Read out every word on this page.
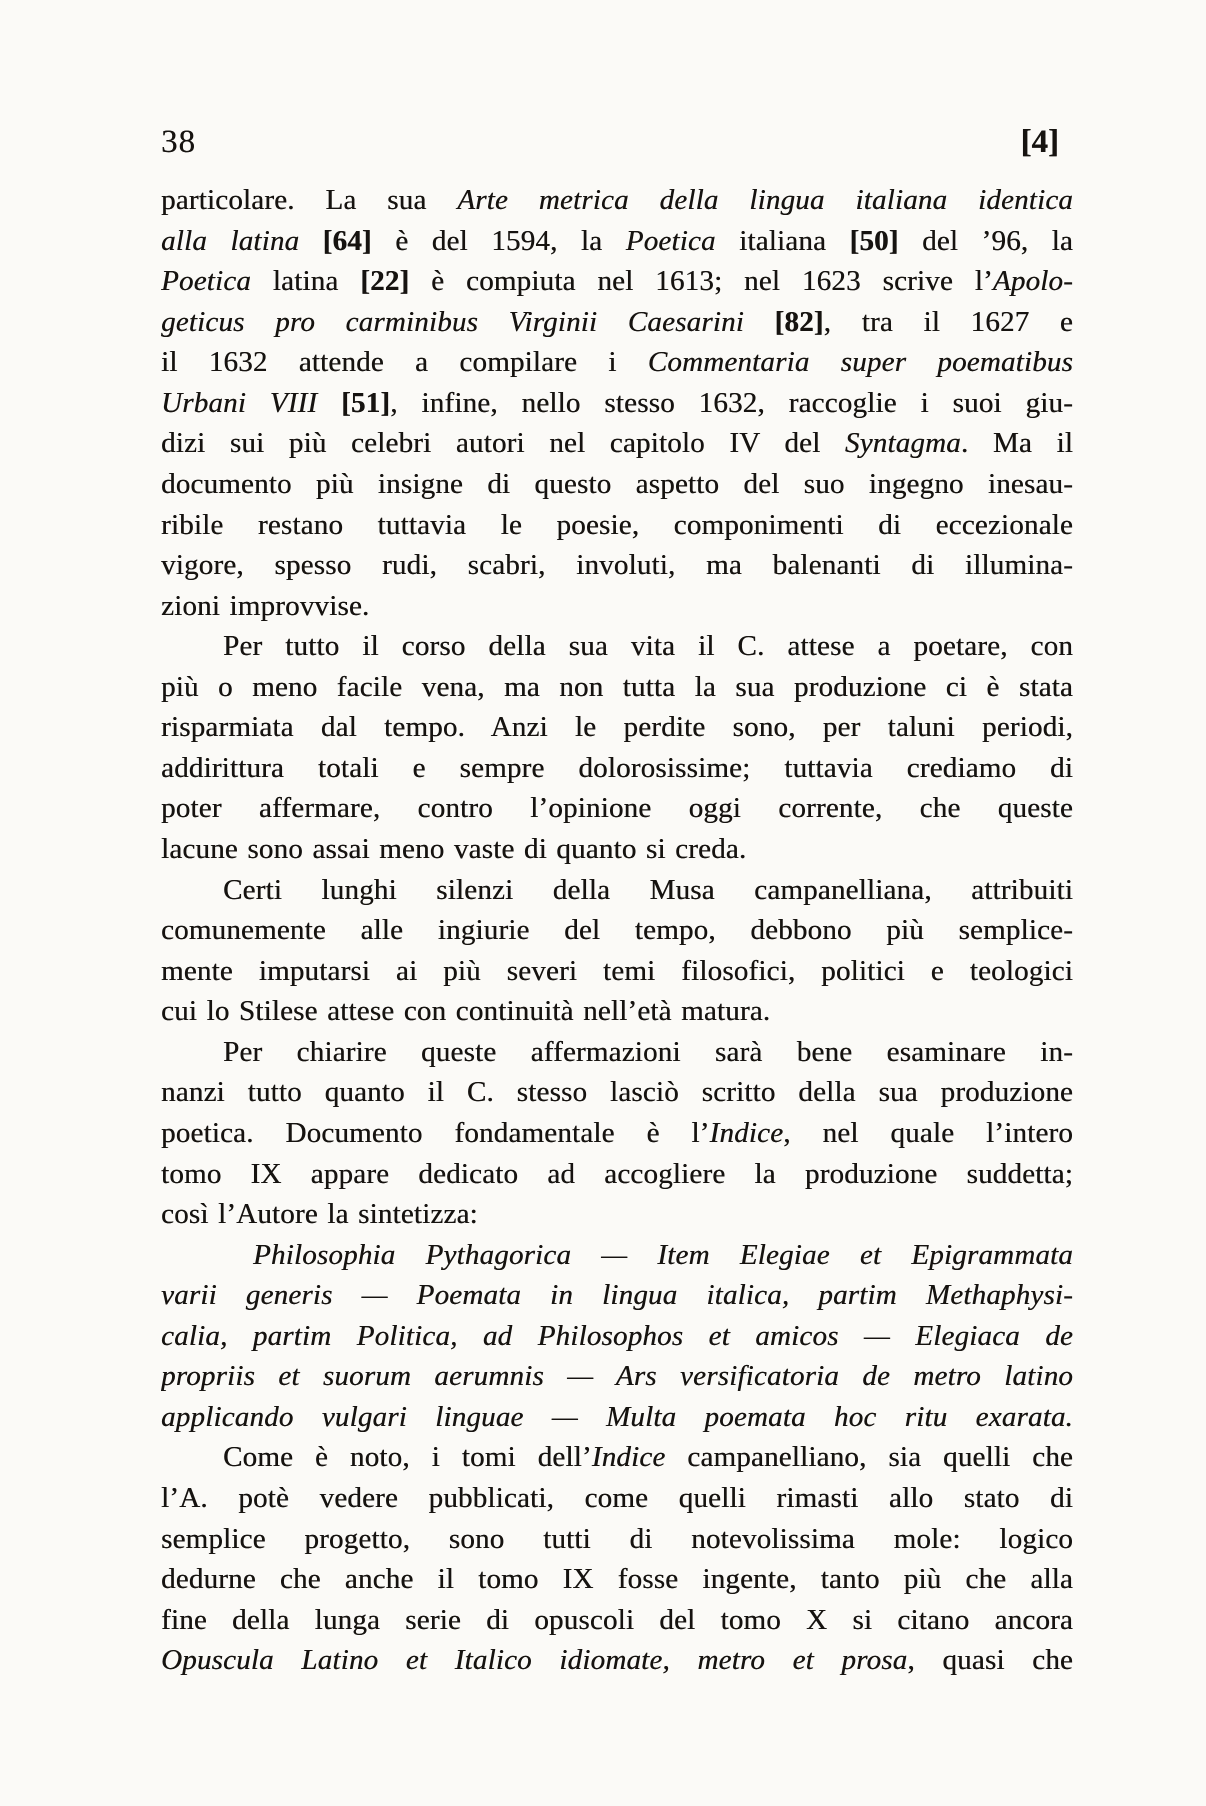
38	[4]
particolare. La sua Arte metrica della lingua italiana identica
alla latina [64] è del 1594, la Poetica italiana [50] del ’96, la
Poetica latina [22] è compiuta nel 1613; nel 1623 scrive l’Apolo-
geticus pro carminibus Virginii Caesarini [82], tra il 1627 e
il 1632 attende a compilare i Commentaria super poematibus
Urbani VIII [51], infine, nello stesso 1632, raccoglie i suoi giu-
dizi sui più celebri autori nel capitolo IV del Syntagma. Ma il
documento più insigne di questo aspetto del suo ingegno inesau-
ribile restano tuttavia le poesie, componimenti di eccezionale
vigore, spesso rudi, scabri, involuti, ma balenanti di illumina-
zioni improvvise.
Per tutto il corso della sua vita il C. attese a poetare, con
più o meno facile vena, ma non tutta la sua produzione ci è stata
risparmiata dal tempo. Anzi le perdite sono, per taluni periodi,
addirittura totali e sempre dolorosissime; tuttavia crediamo di
poter affermare, contro l’opinione oggi corrente, che queste
lacune sono assai meno vaste di quanto si creda.
Certi lunghi silenzi della Musa campanelliana, attribuiti
comunemente alle ingiurie del tempo, debbono più semplice-
mente imputarsi ai più severi temi filosofici, politici e teologici
cui lo Stilese attese con continuità nell’età matura.
Per chiarire queste affermazioni sarà bene esaminare in-
nanzi tutto quanto il C. stesso lasciò scritto della sua produzione
poetica. Documento fondamentale è l’Indice, nel quale l’intero
tomo IX appare dedicato ad accogliere la produzione suddetta;
così l’Autore la sintetizza:
Philosophia Pythagorica — Item Elegiae et Epigrammata
varii generis — Poemata in lingua italica, partim Methaphysi-
calia, partim Politica, ad Philosophos et amicos — Elegiaca de
propriis et suorum aerumnis — Ars versificatoria de metro latino
applicando vulgari linguae — Multa poemata hoc ritu exarata.
Come è noto, i tomi dell’Indice campanelliano, sia quelli che
l’A. potè vedere pubblicati, come quelli rimasti allo stato di
semplice progetto, sono tutti di notevolissima mole: logico
dedurne che anche il tomo IX fosse ingente, tanto più che alla
fine della lunga serie di opuscoli del tomo X si citano ancora
Opuscula Latino et Italico idiomate, metro et prosa, quasi che
